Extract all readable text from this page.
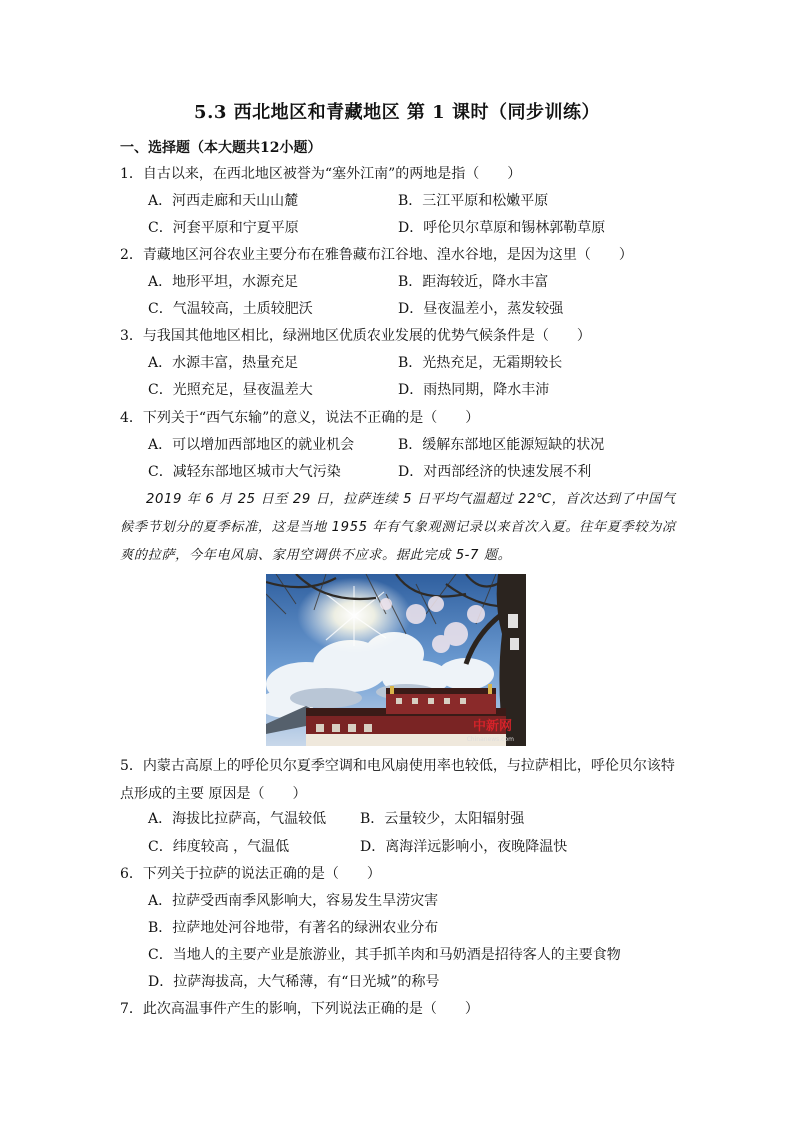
5.3 西北地区和青藏地区 第 1 课时（同步训练）
一、选择题（本大题共12小题）
1．自古以来，在西北地区被誉为“塞外江南”的两地是指（　　）
A．河西走廊和天山山麓	B．三江平原和松嫩平原
C．河套平原和宁夏平原	D．呼伦贝尔草原和锡林郭勒草原
2．青藏地区河谷农业主要分布在雅鲁藏布江谷地、湟水谷地，是因为这里（　　）
A．地形平坦，水源充足	B．距海较近，降水丰富
C．气温较高，土质较肥沃	D．昼夜温差小，蒸发较强
3．与我国其他地区相比，绿洲地区优质农业发展的优势气候条件是（　　）
A．水源丰富，热量充足	B．光热充足，无霜期较长
C．光照充足，昼夜温差大	D．雨热同期，降水丰沛
4．下列关于“西气东输”的意义，说法不正确的是（　　）
A．可以增加西部地区的就业机会	B．缓解东部地区能源短缺的状况
C．减轻东部地区城市大气污染	D．对西部经济的快速发展不利
2019 年 6 月 25 日至 29 日，拉萨连续 5 日平均气温超过 22℃，首次达到了中国气候季节划分的夏季标准，这是当地 1955 年有气象观测记录以来首次入夏。往年夏季较为凉爽的拉萨，今年电风扇、家用空调供不应求。据此完成 5-7 题。
中新网
Chinanews.com
5．内蒙古高原上的呼伦贝尔夏季空调和电风扇使用率也较低，与拉萨相比，呼伦贝尔该特点形成的主要 原因是（　　）
A．海拔比拉萨高，气温较低 B．云量较少，太阳辐射强
C．纬度较高 ，气温低	D．离海洋远影响小，夜晚降温快
6．下列关于拉萨的说法正确的是（　　）
A．拉萨受西南季风影响大，容易发生旱涝灾害
B．拉萨地处河谷地带，有著名的绿洲农业分布
C．当地人的主要产业是旅游业，其手抓羊肉和马奶酒是招待客人的主要食物
D．拉萨海拔高，大气稀薄，有“日光城”的称号
7．此次高温事件产生的影响，下列说法正确的是（　　）
